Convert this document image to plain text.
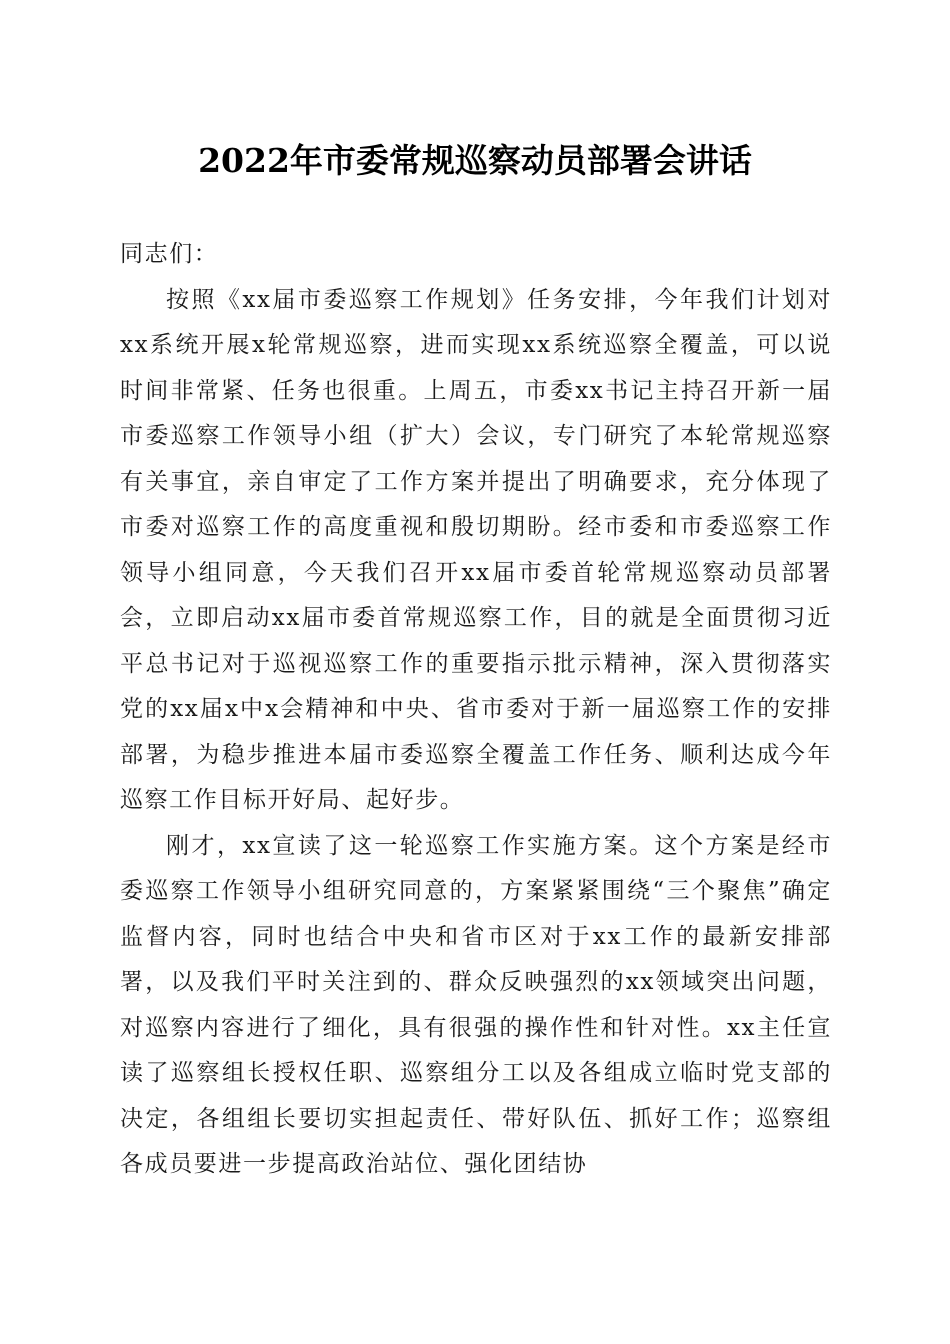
2022年市委常规巡察动员部署会讲话

同志们：

按照《xx届市委巡察工作规划》任务安排，今年我们计划对xx系统开展x轮常规巡察，进而实现xx系统巡察全覆盖，可以说时间非常紧、任务也很重。上周五，市委xx书记主持召开新一届市委巡察工作领导小组（扩大）会议，专门研究了本轮常规巡察有关事宜，亲自审定了工作方案并提出了明确要求，充分体现了市委对巡察工作的高度重视和殷切期盼。经市委和市委巡察工作领导小组同意，今天我们召开xx届市委首轮常规巡察动员部署会，立即启动xx届市委首常规巡察工作，目的就是全面贯彻习近平总书记对于巡视巡察工作的重要指示批示精神，深入贯彻落实党的xx届x中x会精神和中央、省市委对于新一届巡察工作的安排部署，为稳步推进本届市委巡察全覆盖工作任务、顺利达成今年巡察工作目标开好局、起好步。

刚才，xx宣读了这一轮巡察工作实施方案。这个方案是经市委巡察工作领导小组研究同意的，方案紧紧围绕“三个聚焦”确定监督内容，同时也结合中央和省市区对于xx工作的最新安排部署，以及我们平时关注到的、群众反映强烈的xx领域突出问题，对巡察内容进行了细化，具有很强的操作性和针对性。xx主任宣读了巡察组长授权任职、巡察组分工以及各组成立临时党支部的决定，各组组长要切实担起责任、带好队伍、抓好工作；巡察组各成员要进一步提高政治站位、强化团结协
